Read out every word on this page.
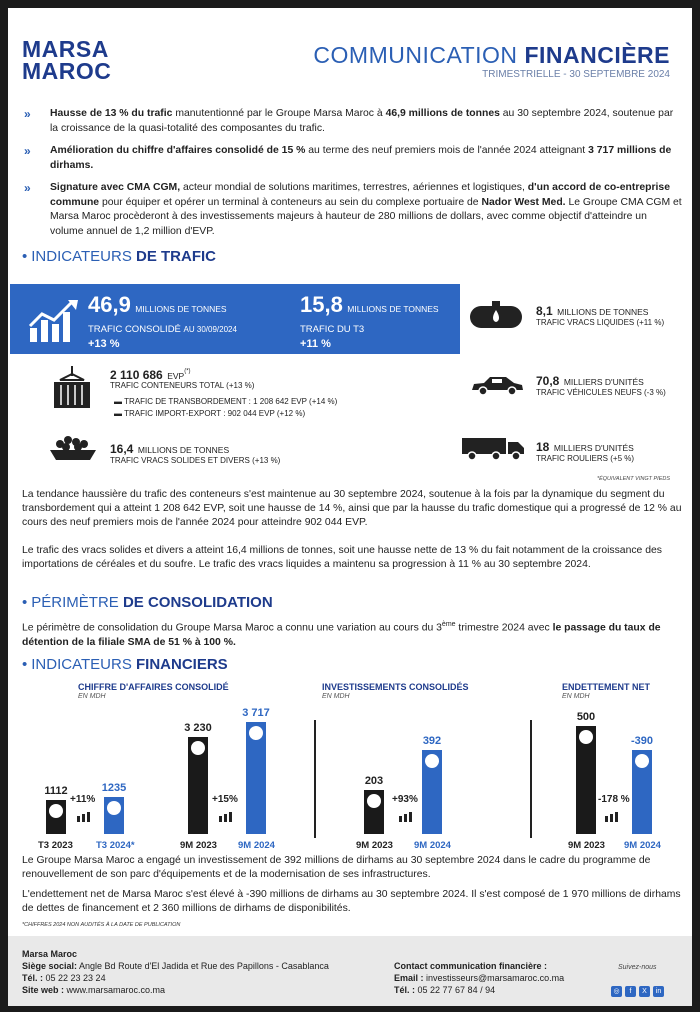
MARSA
MAROC
COMMUNICATION FINANCIÈRE
TRIMESTRIELLE - 30 SEPTEMBRE 2024
» Hausse de 13 % du trafic manutentionné par le Groupe Marsa Maroc à 46,9 millions de tonnes au 30 septembre 2024, soutenue par la croissance de la quasi-totalité des composantes du trafic.
» Amélioration du chiffre d'affaires consolidé de 15 % au terme des neuf premiers mois de l'année 2024 atteignant 3 717 millions de dirhams.
» Signature avec CMA CGM, acteur mondial de solutions maritimes, terrestres, aériennes et logistiques, d'un accord de co-entreprise commune pour équiper et opérer un terminal à conteneurs au sein du complexe portuaire de Nador West Med. Le Groupe CMA CGM et Marsa Maroc procèderont à des investissements majeurs à hauteur de 280 millions de dollars, avec comme objectif d'atteindre un volume annuel de 1,2 million d'EVP.
• INDICATEURS DE TRAFIC
46,9 MILLIONS DE TONNES
TRAFIC CONSOLIDÉ AU 30/09/2024
+13 %
15,8 MILLIONS DE TONNES
TRAFIC DU T3
+11 %
8,1 MILLIONS DE TONNES
TRAFIC VRACS LIQUIDES (+11 %)
2 110 686 EVP(*)
TRAFIC CONTENEURS TOTAL (+13 %)
▬ TRAFIC DE TRANSBORDEMENT : 1 208 642 EVP (+14 %)
▬ TRAFIC IMPORT-EXPORT : 902 044 EVP (+12 %)
70,8 MILLIERS D'UNITÉS
TRAFIC VÉHICULES NEUFS (-3 %)
16,4 MILLIONS DE TONNES
TRAFIC VRACS SOLIDES ET DIVERS (+13 %)
18 MILLIERS D'UNITÉS
TRAFIC ROULIERS (+5 %)
*ÉQUIVALENT VINGT PIEDS
La tendance haussière du trafic des conteneurs s'est maintenue au 30 septembre 2024, soutenue à la fois par la dynamique du segment du transbordement qui a atteint 1 208 642 EVP, soit une hausse de 14 %, ainsi que par la hausse du trafic domestique qui a progressé de 12 % au cours des neuf premiers mois de l'année 2024 pour atteindre 902 044 EVP.
Le trafic des vracs solides et divers a atteint 16,4 millions de tonnes, soit une hausse nette de 13 % du fait notamment de la croissance des importations de céréales et du soufre. Le trafic des vracs liquides a maintenu sa progression à 11 % au 30 septembre 2024.
• PÉRIMÈTRE DE CONSOLIDATION
Le périmètre de consolidation du Groupe Marsa Maroc a connu une variation au cours du 3ème trimestre 2024 avec le passage du taux de détention de la filiale SMA de 51 % à 100 %.
• INDICATEURS FINANCIERS
CHIFFRE D'AFFAIRES CONSOLIDÉ
EN MDH
INVESTISSEMENTS CONSOLIDÉS
EN MDH
ENDETTEMENT NET
EN MDH
1112
T3 2023
1235
T3 2024*
+11%
3 230
9M 2023
3 717
9M 2024
+15%
203
9M 2023
392
9M 2024
+93%
500
9M 2023
-390
9M 2024
-178 %
Le Groupe Marsa Maroc a engagé un investissement de 392 millions de dirhams au 30 septembre 2024 dans le cadre du programme de renouvellement de son parc d'équipements et de la modernisation de ses infrastructures.
L'endettement net de Marsa Maroc s'est élevé à -390 millions de dirhams au 30 septembre 2024. Il s'est composé de 1 970 millions de dirhams de dettes de financement et 2 360 millions de dirhams de disponibilités.
*CHIFFRES 2024 NON AUDITÉS À LA DATE DE PUBLICATION
Marsa Maroc
Siège social: Angle Bd Route d'El Jadida et Rue des Papillons - Casablanca
Tél. : 05 22 23 23 24
Site web : www.marsamaroc.co.ma
Contact communication financière :
Email : investisseurs@marsamaroc.co.ma
Tél. : 05 22 77 67 84 / 94
Suivez-nous
◎ f X in
